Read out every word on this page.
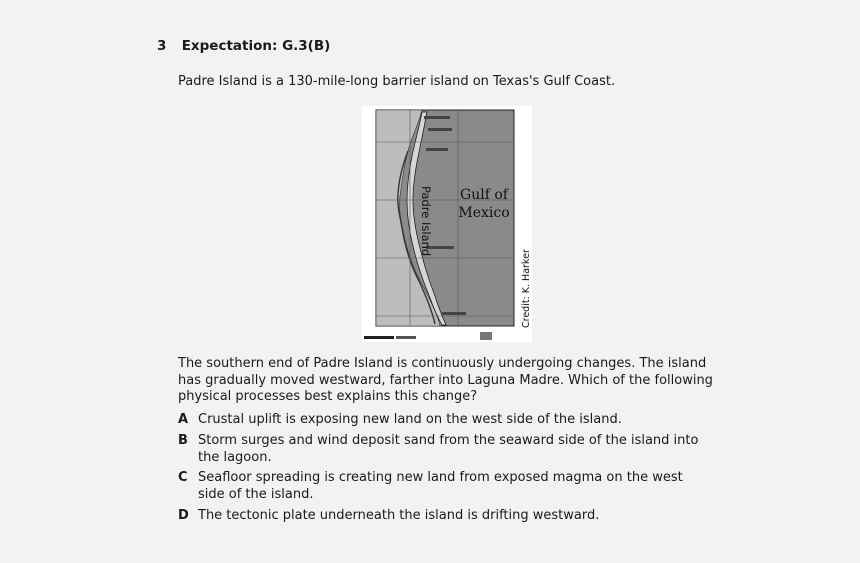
3 Expectation: G.3(B)
Padre Island is a 130-mile-long barrier island on Texas's Gulf Coast.
Padre Island Gulf of
Mexico
Credit: K. Harker
The southern end of Padre Island is continuously undergoing changes. The island has gradually moved westward, farther into Laguna Madre. Which of the following physical processes best explains this change?
A Crustal uplift is exposing new land on the west side of the island.
B Storm surges and wind deposit sand from the seaward side of the island into the lagoon.
C Seafloor spreading is creating new land from exposed magma on the west side of the island.
D The tectonic plate underneath the island is drifting westward.
